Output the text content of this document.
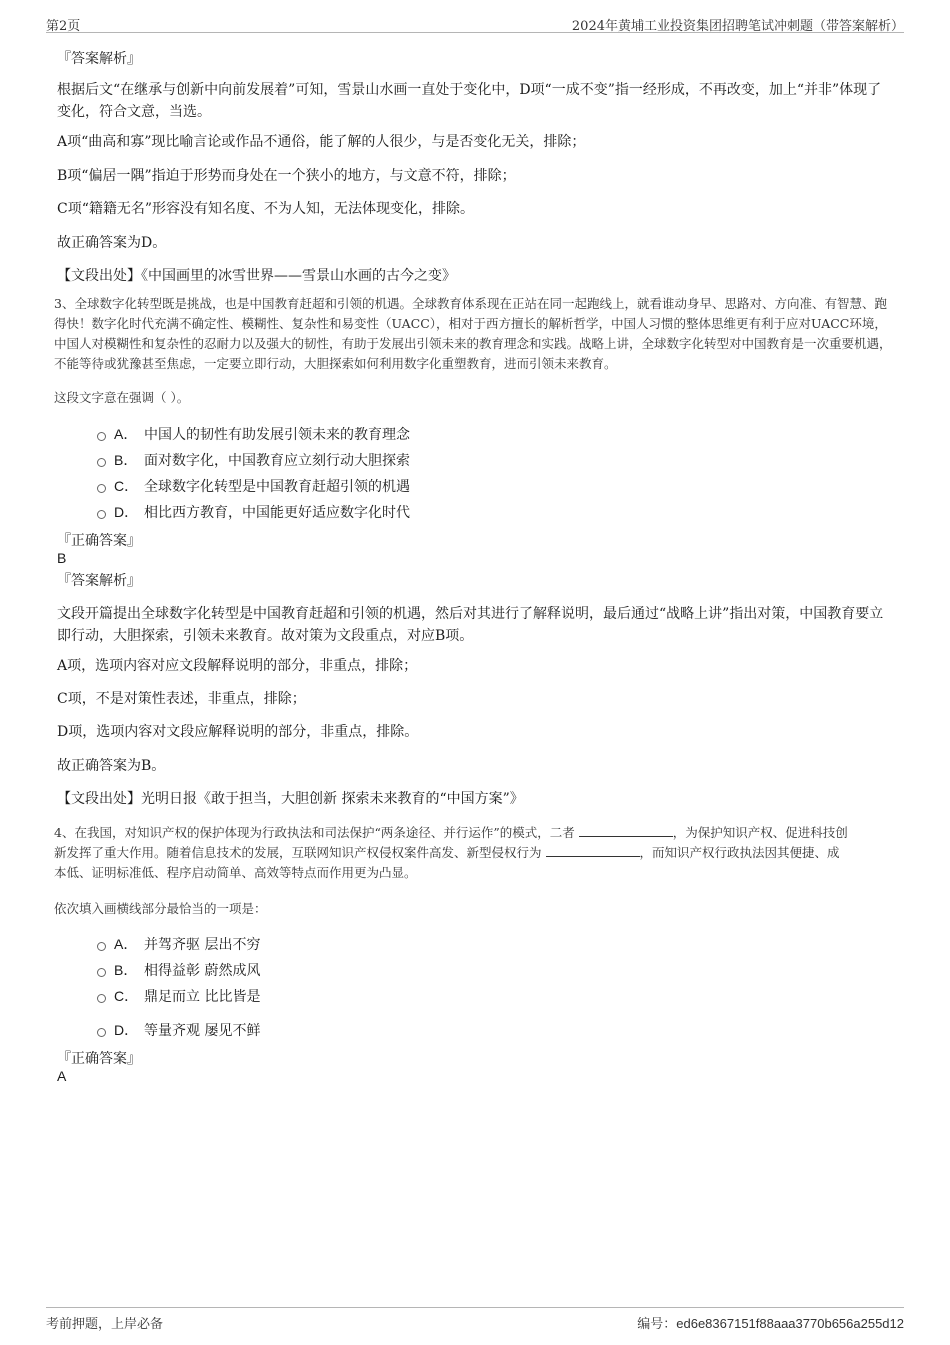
第2页	2024年黄埔工业投资集团招聘笔试冲刺题（带答案解析）
『答案解析』
根据后文“在继承与创新中向前发展着”可知，雪景山水画一直处于变化中，D项“一成不变”指一经形成，不再改变，加上“并非”体现了变化，符合文意，当选。
A项“曲高和寡”现比喻言论或作品不通俗，能了解的人很少，与是否变化无关，排除；
B项“偏居一隅”指迫于形势而身处在一个狭小的地方，与文意不符，排除；
C项“籍籍无名”形容没有知名度、不为人知，无法体现变化，排除。
故正确答案为D。
【文段出处】《中国画里的冰雪世界——雪景山水画的古今之变》
3、全球数字化转型既是挑战，也是中国教育赶超和引领的机遇。全球教育体系现在正站在同一起跑线上，就看谁动身早、思路对、方向准、有智慧、跑得快！数字化时代充满不确定性、模糊性、复杂性和易变性（UACC），相对于西方擅长的解析哲学，中国人习惯的整体思维更有利于应对UACC环境，中国人对模糊性和复杂性的忍耐力以及强大的韧性，有助于发展出引领未来的教育理念和实践。战略上讲，全球数字化转型对中国教育是一次重要机遇，不能等待或犹豫甚至焦虑，一定要立即行动，大胆探索如何利用数字化重塑教育，进而引领未来教育。
这段文字意在强调（ ）。
A． 中国人的韧性有助发展引领未来的教育理念
B． 面对数字化，中国教育应立刻行动大胆探索
C． 全球数字化转型是中国教育赶超引领的机遇
D． 相比西方教育，中国能更好适应数字化时代
『正确答案』
B
『答案解析』
文段开篇提出全球数字化转型是中国教育赶超和引领的机遇，然后对其进行了解释说明，最后通过“战略上讲”指出对策，中国教育要立即行动，大胆探索，引领未来教育。故对策为文段重点，对应B项。
A项，选项内容对应文段解释说明的部分，非重点，排除；
C项，不是对策性表述，非重点，排除；
D项，选项内容对文段应解释说明的部分，非重点，排除。
故正确答案为B。
【文段出处】光明日报《敢于担当，大胆创新 探索未来教育的“中国方案”》
4、在我国，对知识产权的保护体现为行政执法和司法保护“两条途径、并行运作”的模式，二者	，为保护知识产权、促进科技创
新发挥了重大作用。随着信息技术的发展，互联网知识产权侵权案件高发、新型侵权行为	，而知识产权行政执法因其便捷、成
本低、证明标准低、程序启动简单、高效等特点而作用更为凸显。
依次填入画横线部分最恰当的一项是：
A． 并驾齐驱 层出不穷
B． 相得益彰 蔚然成风
C． 鼎足而立 比比皆是
D． 等量齐观 屡见不鲜
『正确答案』
A
考前押题，上岸必备	编号：ed6e8367151f88aaa3770b656a255d12
